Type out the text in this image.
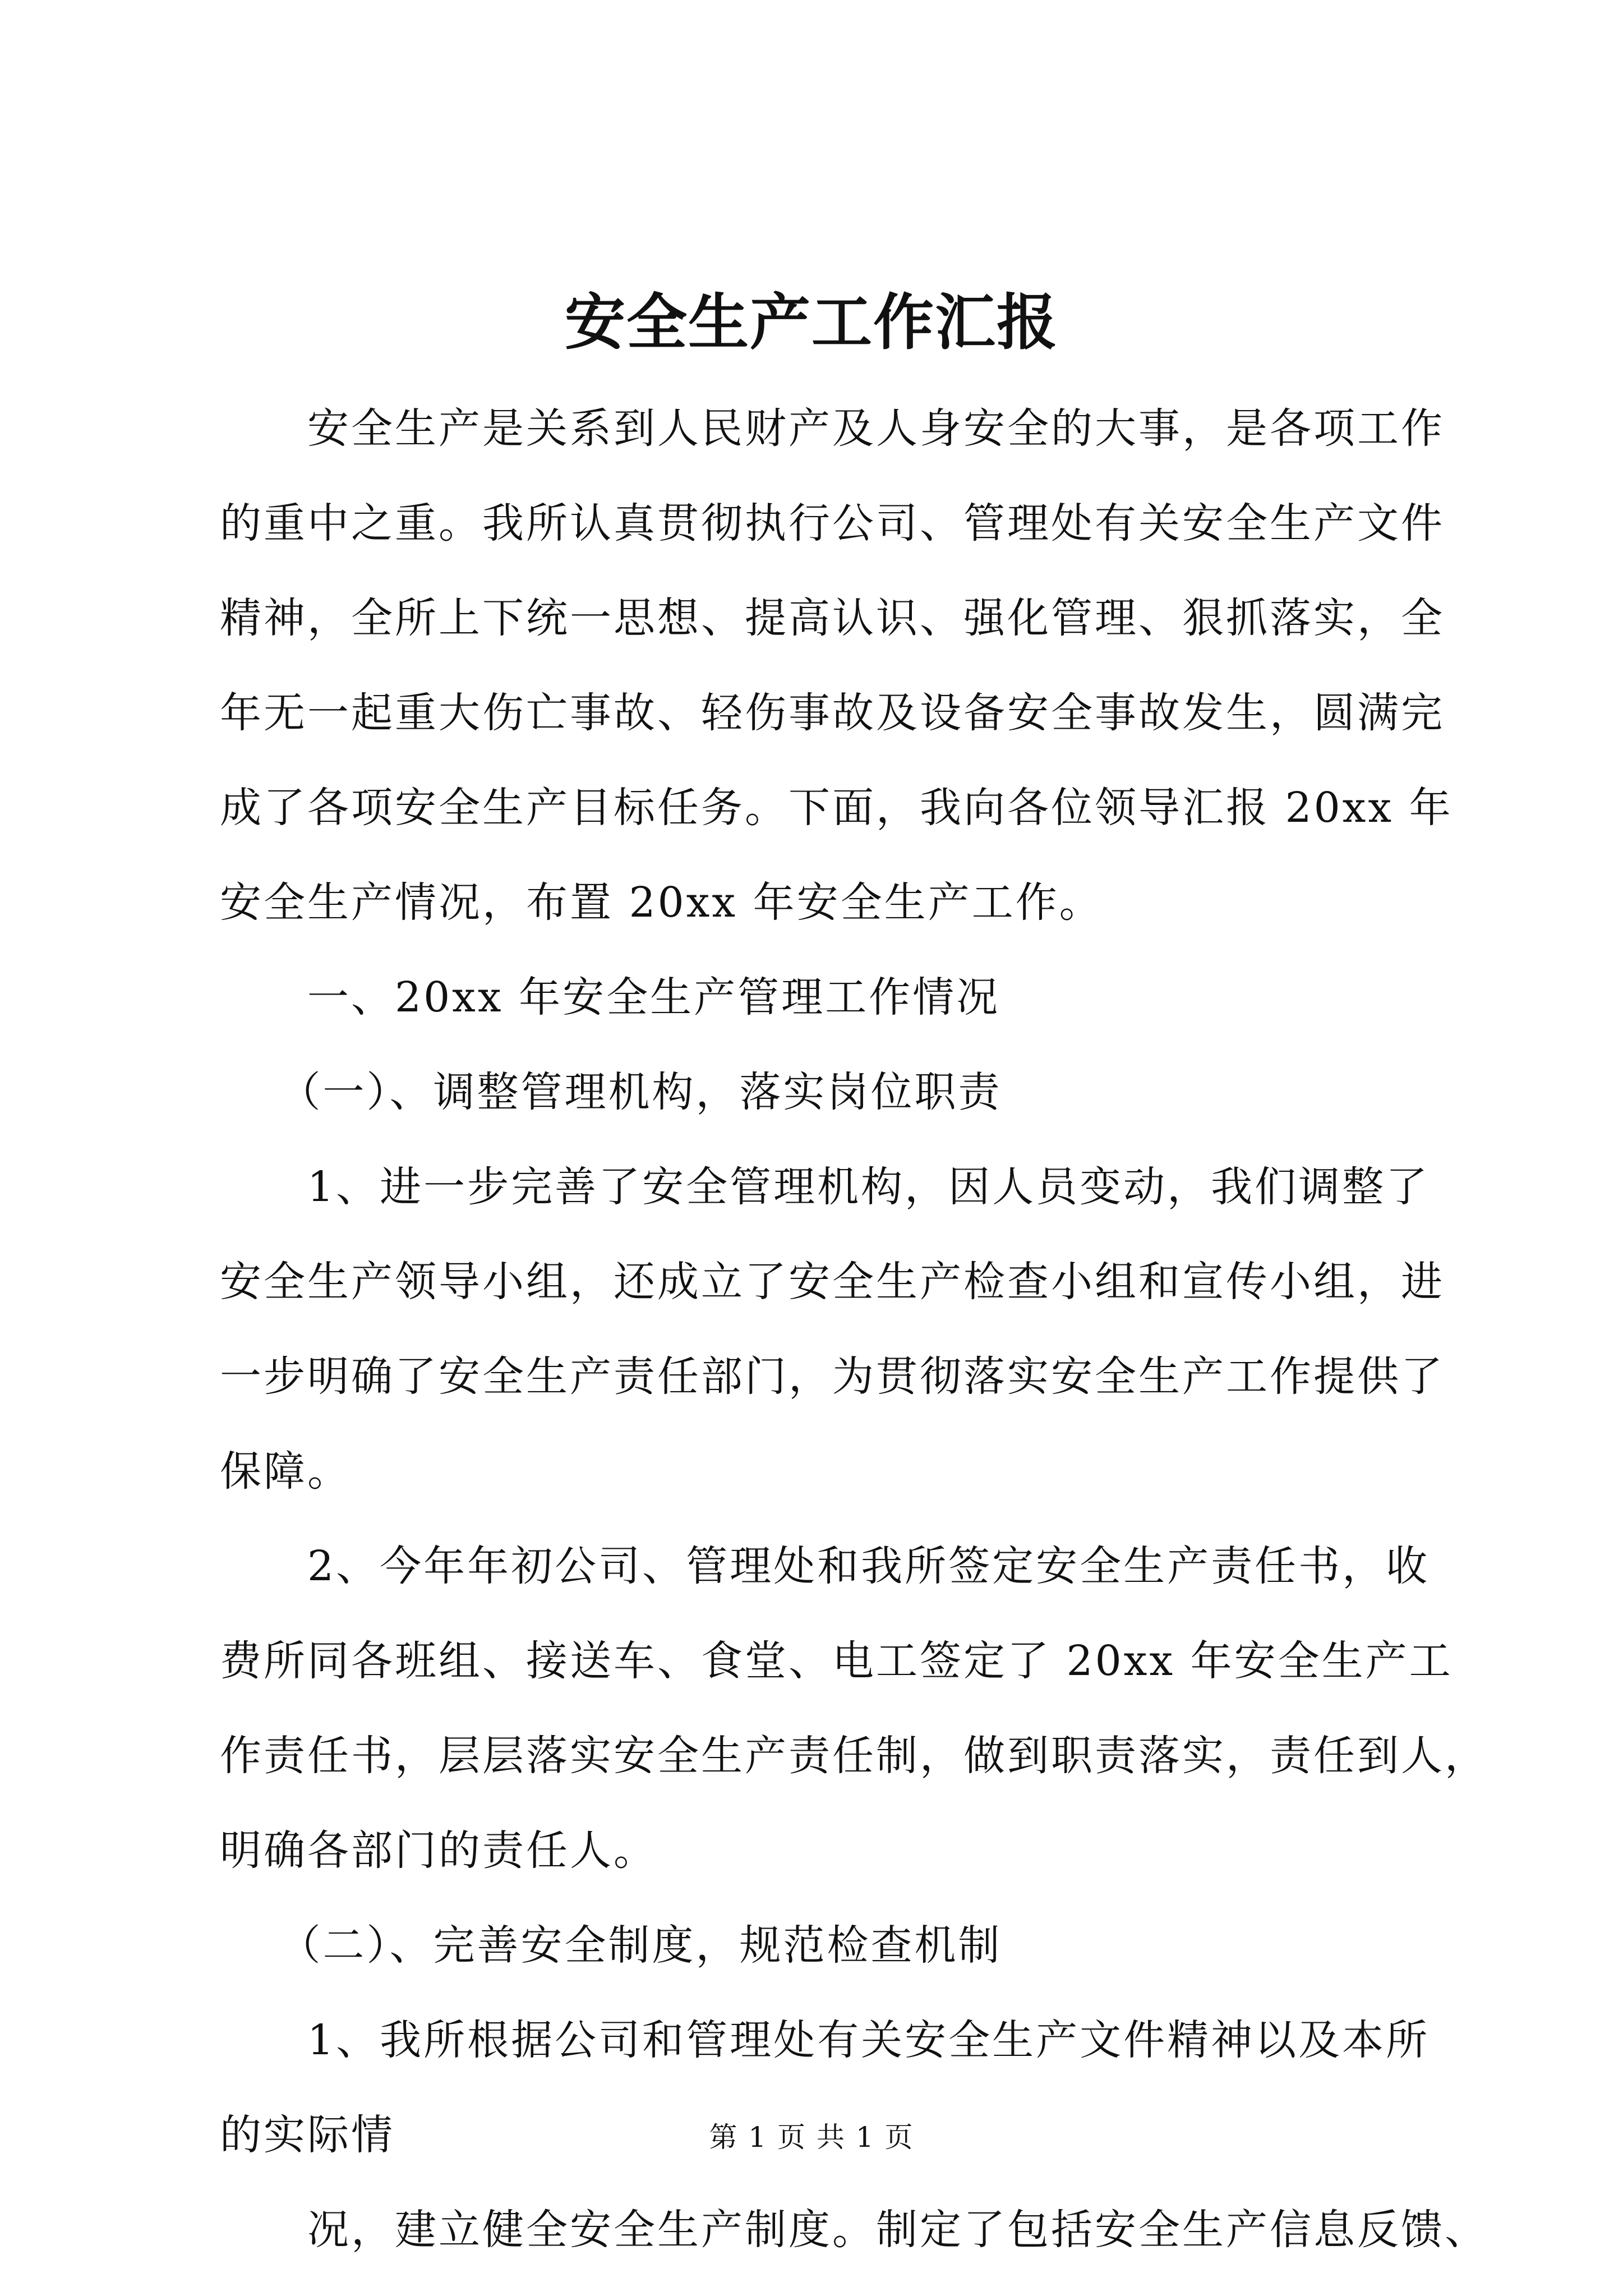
安全生产工作汇报
　　安全生产是关系到人民财产及人身安全的大事，是各项工作
的重中之重。我所认真贯彻执行公司、管理处有关安全生产文件
精神，全所上下统一思想、提高认识、强化管理、狠抓落实，全
年无一起重大伤亡事故、轻伤事故及设备安全事故发生，圆满完
成了各项安全生产目标任务。下面，我向各位领导汇报 20xx 年
安全生产情况，布置 20xx 年安全生产工作。
　　一、20xx 年安全生产管理工作情况
　 （一）、调整管理机构，落实岗位职责
　　1、进一步完善了安全管理机构，因人员变动，我们调整了
安全生产领导小组，还成立了安全生产检查小组和宣传小组，进
一步明确了安全生产责任部门，为贯彻落实安全生产工作提供了
保障。
　　2、今年年初公司、管理处和我所签定安全生产责任书，收
费所同各班组、接送车、食堂、电工签定了 20xx 年安全生产工
作责任书，层层落实安全生产责任制，做到职责落实，责任到人，
明确各部门的责任人。
　 （二）、完善安全制度，规范检查机制
　　1、我所根据公司和管理处有关安全生产文件精神以及本所
的实际情
　　况，建立健全安全生产制度。制定了包括安全生产信息反馈、
第 1 页 共 1 页
